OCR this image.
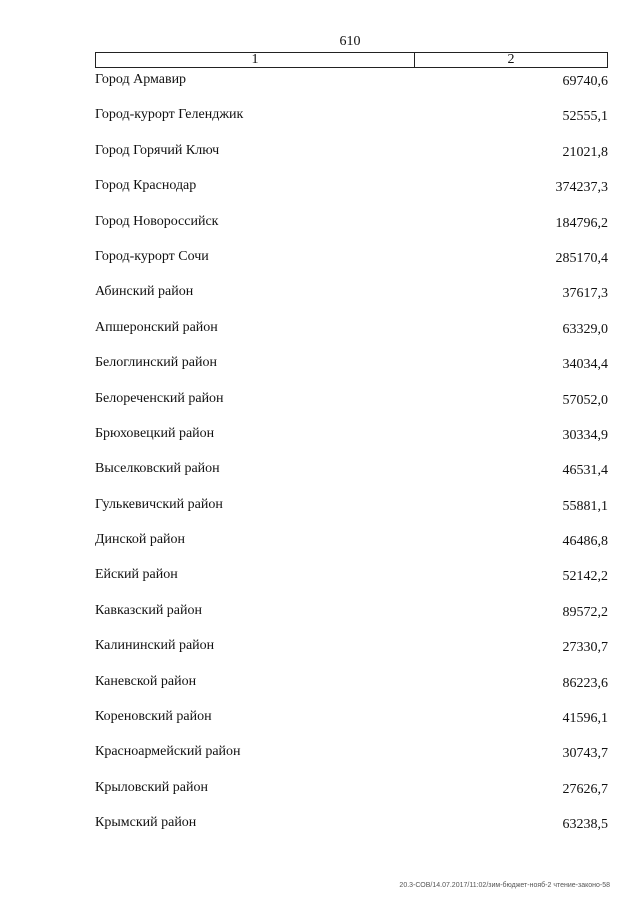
610
1	2
Город Армавир	69740,6
Город-курорт Геленджик	52555,1
Город Горячий Ключ	21021,8
Город Краснодар	374237,3
Город Новороссийск	184796,2
Город-курорт Сочи	285170,4
Абинский район	37617,3
Апшеронский район	63329,0
Белоглинский район	34034,4
Белореченский район	57052,0
Брюховецкий район	30334,9
Выселковский район	46531,4
Гулькевичский район	55881,1
Динской район	46486,8
Ейский район	52142,2
Кавказский район	89572,2
Калининский район	27330,7
Каневской район	86223,6
Кореновский район	41596,1
Красноармейский район	30743,7
Крыловский район	27626,7
Крымский район	63238,5
20.3-СОВ/14.07.2017/11:02/зим-бюджет-нояб-2 чтение-законо-58
